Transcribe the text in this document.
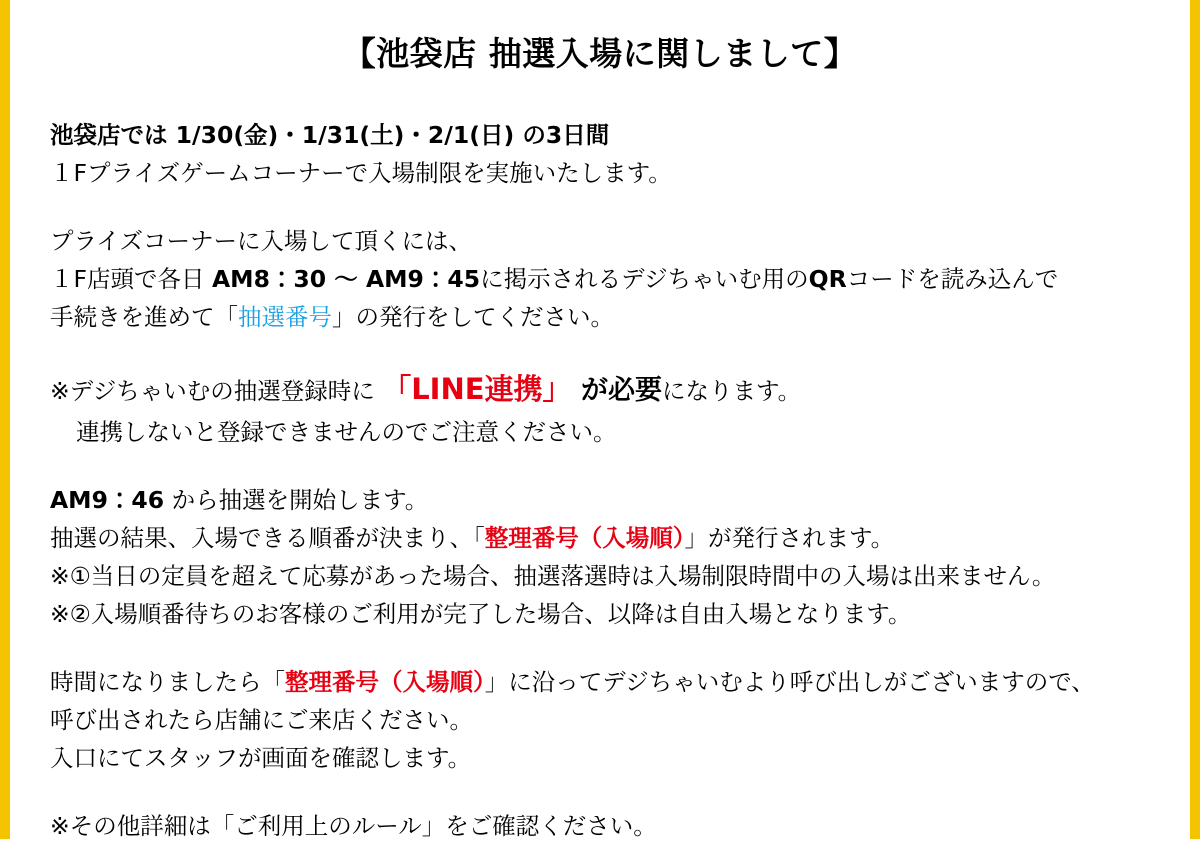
【池袋店 抽選入場に関しまして】
池袋店では 1/30(金)・1/31(土)・2/1(日) の3日間
１Fプライズゲームコーナーで入場制限を実施いたします。
プライズコーナーに入場して頂くには、
１F店頭で各日 AM8：30 ～ AM9：45に掲示されるデジちゃいむ用のQRコードを読み込んで
手続きを進めて「抽選番号」の発行をしてください。
※デジちゃいむの抽選登録時に 「LINE連携」 が必要になります。
連携しないと登録できませんのでご注意ください。
AM9：46 から抽選を開始します。
抽選の結果、入場できる順番が決まり、「整理番号（入場順）」が発行されます。
※①当日の定員を超えて応募があった場合、抽選落選時は入場制限時間中の入場は出来ません。
※②入場順番待ちのお客様のご利用が完了した場合、以降は自由入場となります。
時間になりましたら「整理番号（入場順）」に沿ってデジちゃいむより呼び出しがございますので、
呼び出されたら店舗にご来店ください。
入口にてスタッフが画面を確認します。
※その他詳細は「ご利用上のルール」をご確認ください。
